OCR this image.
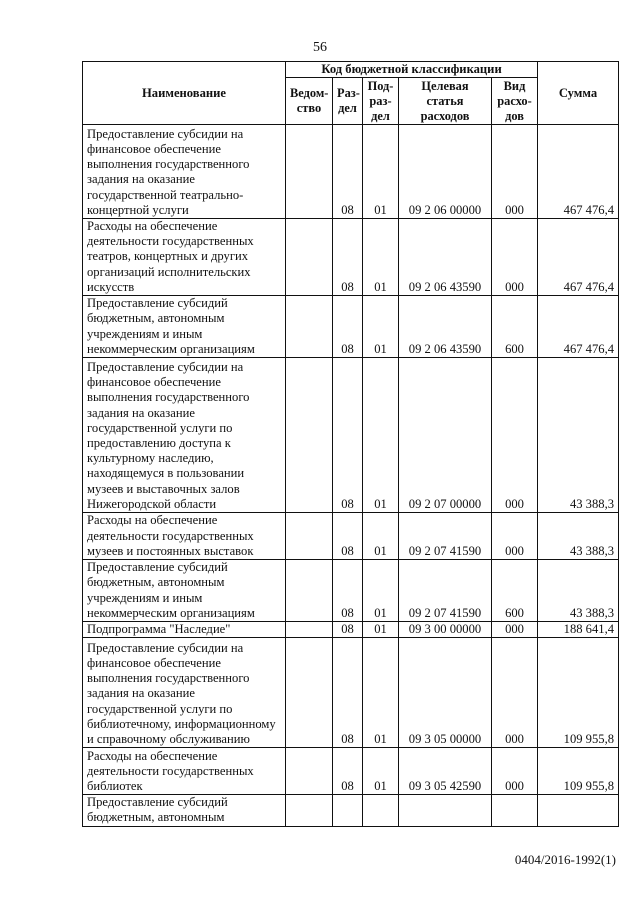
56
Наименование	Код бюджетной классификации					Сумма
	Ведом-ство	Раз-дел	Под-раз-дел	Целевая статья расходов	Вид расхо-дов	
Предоставление субсидии на финансовое обеспечение выполнения государственного задания на оказание государственной театрально-концертной услуги		08	01	09 2 06 00000	000	467 476,4
Расходы на обеспечение деятельности государственных театров, концертных и других организаций исполнительских искусств		08	01	09 2 06 43590	000	467 476,4
Предоставление субсидий бюджетным, автономным учреждениям и иным некоммерческим организациям		08	01	09 2 06 43590	600	467 476,4
Предоставление субсидии на финансовое обеспечение выполнения государственного задания на оказание государственной услуги по предоставлению доступа к культурному наследию, находящемуся в пользовании музеев и выставочных залов Нижегородской области		08	01	09 2 07 00000	000	43 388,3
Расходы на обеспечение деятельности государственных музеев и постоянных выставок		08	01	09 2 07 41590	000	43 388,3
Предоставление субсидий бюджетным, автономным учреждениям и иным некоммерческим организациям		08	01	09 2 07 41590	600	43 388,3
Подпрограмма "Наследие"		08	01	09 3 00 00000	000	188 641,4
Предоставление субсидии на финансовое обеспечение выполнения государственного задания на оказание государственной услуги по библиотечному, информационному и справочному обслуживанию		08	01	09 3 05 00000	000	109 955,8
Расходы на обеспечение деятельности государственных библиотек		08	01	09 3 05 42590	000	109 955,8
Предоставление субсидий бюджетным, автономным						
0404/2016-1992(1)
